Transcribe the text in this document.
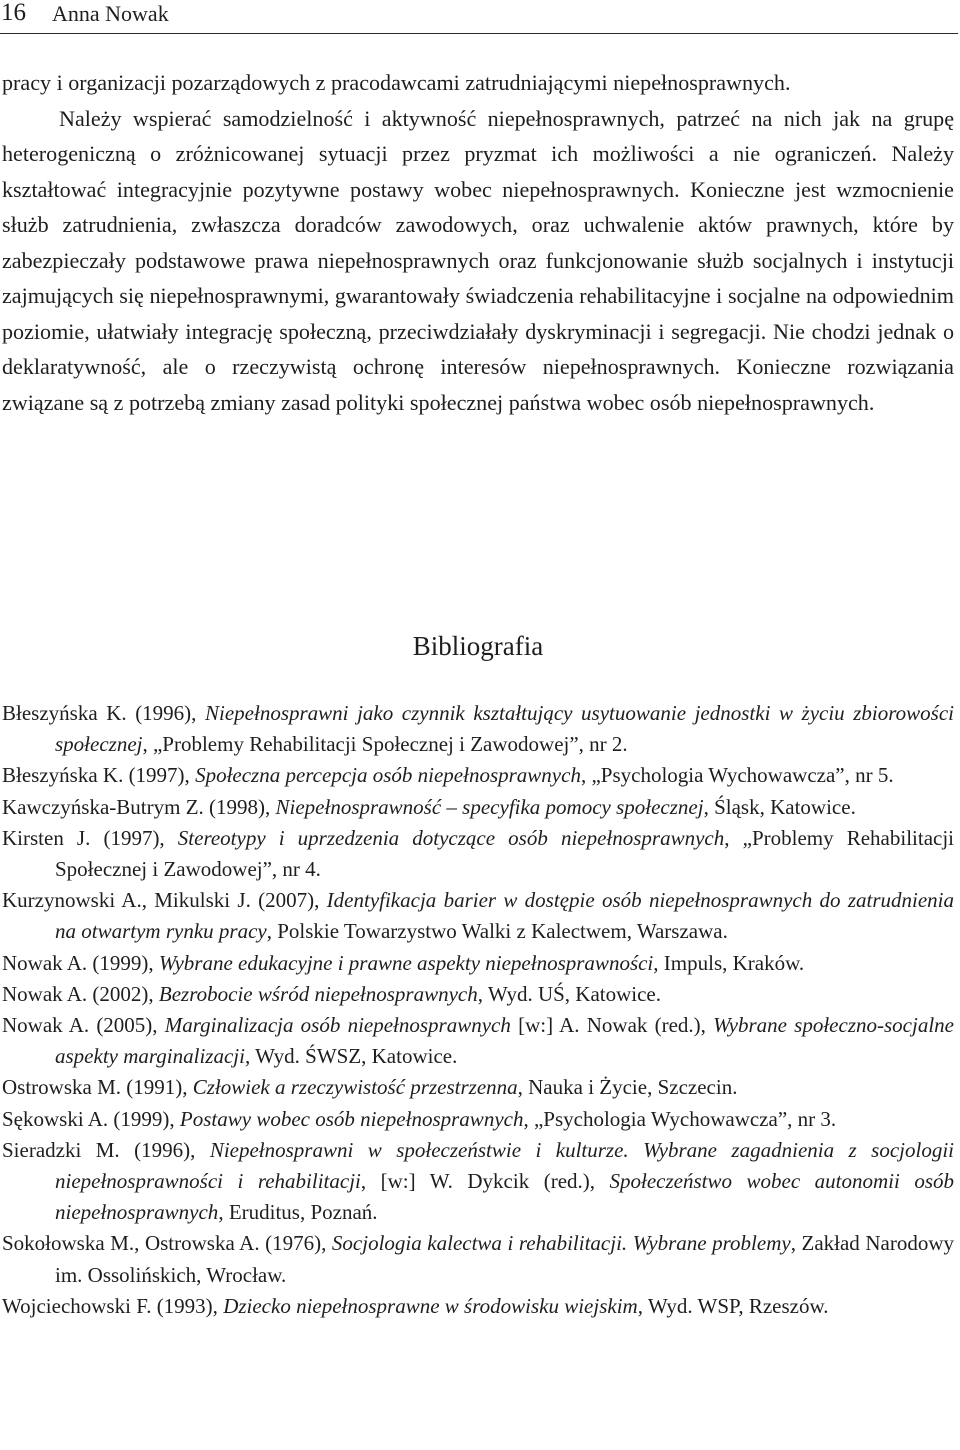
16 Anna Nowak

pracy i organizacji pozarządowych z pracodawcami zatrudniającymi niepełnosprawnych.

Należy wspierać samodzielność i aktywność niepełnosprawnych, patrzeć na nich jak na grupę heterogeniczną o zróżnicowanej sytuacji przez pryzmat ich możliwości a nie ograniczeń. Należy kształtować integracyjnie pozytywne postawy wobec niepełnosprawnych. Konieczne jest wzmocnienie służb zatrudnienia, zwłaszcza doradców zawodowych, oraz uchwalenie aktów prawnych, które by zabezpieczały podstawowe prawa niepełnosprawnych oraz funkcjonowanie służb socjalnych i instytucji zajmujących się niepełnosprawnymi, gwarantowały świadczenia rehabilitacyjne i socjalne na odpowiednim poziomie, ułatwiały integrację społeczną, przeciwdziałały dyskryminacji i segregacji. Nie chodzi jednak o deklaratywność, ale o rzeczywistą ochronę interesów niepełnosprawnych. Konieczne rozwiązania związane są z potrzebą zmiany zasad polityki społecznej państwa wobec osób niepełnosprawnych.

Bibliografia
Błeszyńska K. (1996), Niepełnosprawni jako czynnik kształtujący usytuowanie jednostki w życiu zbiorowości społecznej, „Problemy Rehabilitacji Społecznej i Zawodowej”, nr 2.
Błeszyńska K. (1997), Społeczna percepcja osób niepełnosprawnych, „Psychologia Wychowawcza”, nr 5.
Kawczyńska-Butrym Z. (1998), Niepełnosprawność – specyfika pomocy społecznej, Śląsk, Katowice.
Kirsten J. (1997), Stereotypy i uprzedzenia dotyczące osób niepełnosprawnych, „Problemy Rehabilitacji Społecznej i Zawodowej”, nr 4.
Kurzynowski A., Mikulski J. (2007), Identyfikacja barier w dostępie osób niepełnosprawnych do zatrudnienia na otwartym rynku pracy, Polskie Towarzystwo Walki z Kalectwem, Warszawa.
Nowak A. (1999), Wybrane edukacyjne i prawne aspekty niepełnosprawności, Impuls, Kraków.
Nowak A. (2002), Bezrobocie wśród niepełnosprawnych, Wyd. UŚ, Katowice.
Nowak A. (2005), Marginalizacja osób niepełnosprawnych [w:] A. Nowak (red.), Wybrane społeczno-socjalne aspekty marginalizacji, Wyd. ŚWSZ, Katowice.
Ostrowska M. (1991), Człowiek a rzeczywistość przestrzenna, Nauka i Życie, Szczecin.
Sękowski A. (1999), Postawy wobec osób niepełnosprawnych, „Psychologia Wychowawcza”, nr 3.
Sieradzki M. (1996), Niepełnosprawni w społeczeństwie i kulturze. Wybrane zagadnienia z socjologii niepełnosprawności i rehabilitacji, [w:] W. Dykcik (red.), Społeczeństwo wobec autonomii osób niepełnosprawnych, Eruditus, Poznań.
Sokołowska M., Ostrowska A. (1976), Socjologia kalectwa i rehabilitacji. Wybrane problemy, Zakład Narodowy im. Ossolińskich, Wrocław.
Wojciechowski F. (1993), Dziecko niepełnosprawne w środowisku wiejskim, Wyd. WSP, Rzeszów.
